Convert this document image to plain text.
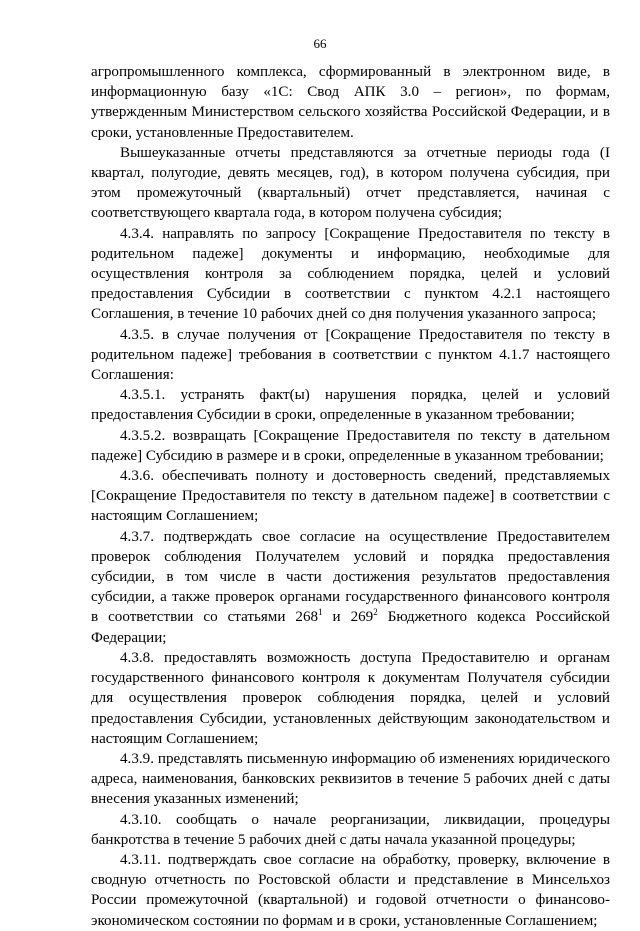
66

агропромышленного комплекса, сформированный в электронном виде, в информационную базу «1С: Свод АПК 3.0 – регион», по формам, утвержденным Министерством сельского хозяйства Российской Федерации, и в сроки, установленные Предоставителем.

Вышеуказанные отчеты представляются за отчетные периоды года (I квартал, полугодие, девять месяцев, год), в котором получена субсидия, при этом промежуточный (квартальный) отчет представляется, начиная с соответствующего квартала года, в котором получена субсидия;

4.3.4. направлять по запросу [Сокращение Предоставителя по тексту в родительном падеже] документы и информацию, необходимые для осуществления контроля за соблюдением порядка, целей и условий предоставления Субсидии в соответствии с пунктом 4.2.1 настоящего Соглашения, в течение 10 рабочих дней со дня получения указанного запроса;

4.3.5. в случае получения от [Сокращение Предоставителя по тексту в родительном падеже] требования в соответствии с пунктом 4.1.7 настоящего Соглашения:

4.3.5.1. устранять факт(ы) нарушения порядка, целей и условий предоставления Субсидии в сроки, определенные в указанном требовании;

4.3.5.2. возвращать [Сокращение Предоставителя по тексту в дательном падеже] Субсидию в размере и в сроки, определенные в указанном требовании;

4.3.6. обеспечивать полноту и достоверность сведений, представляемых [Сокращение Предоставителя по тексту в дательном падеже] в соответствии с настоящим Соглашением;

4.3.7. подтверждать свое согласие на осуществление Предоставителем проверок соблюдения Получателем условий и порядка предоставления субсидии, в том числе в части достижения результатов предоставления субсидии, а также проверок органами государственного финансового контроля в соответствии со статьями $268^1$ и $269^2$ Бюджетного кодекса Российской Федерации;

4.3.8. предоставлять возможность доступа Предоставителю и органам государственного финансового контроля к документам Получателя субсидии для осуществления проверок соблюдения порядка, целей и условий предоставления Субсидии, установленных действующим законодательством и настоящим Соглашением;

4.3.9. представлять письменную информацию об изменениях юридического адреса, наименования, банковских реквизитов в течение 5 рабочих дней с даты внесения указанных изменений;

4.3.10. сообщать о начале реорганизации, ликвидации, процедуры банкротства в течение 5 рабочих дней с даты начала указанной процедуры;

4.3.11. подтверждать свое согласие на обработку, проверку, включение в сводную отчетность по Ростовской области и представление в Минсельхоз России промежуточной (квартальной) и годовой отчетности о финансово-экономическом состоянии по формам и в сроки, установленные Соглашением;
